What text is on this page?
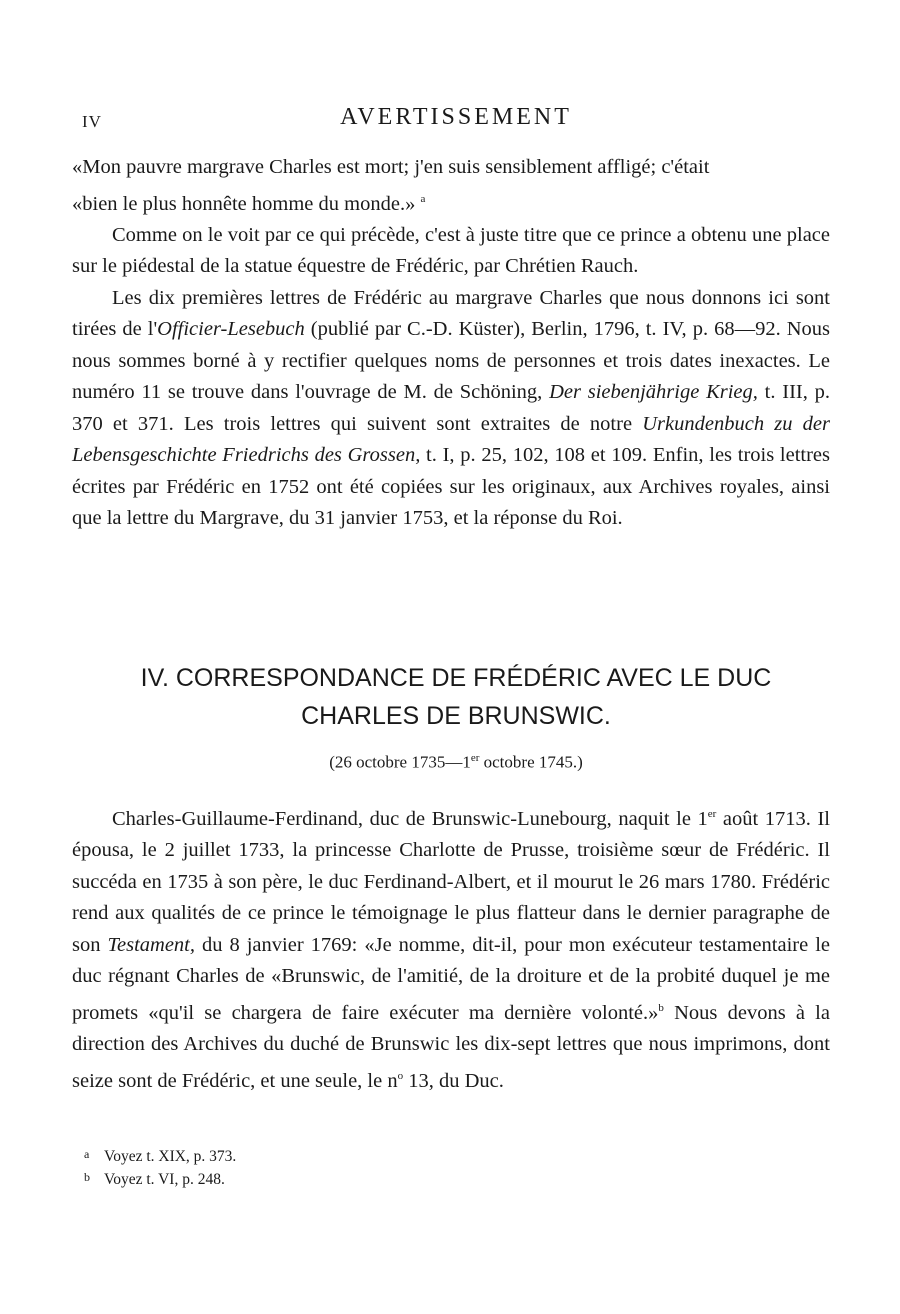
IV	AVERTISSEMENT

«Mon pauvre margrave Charles est mort; j'en suis sensiblement affligé; c'était

«bien le plus honnête homme du monde.» $^a$

Comme on le voit par ce qui précède, c'est à juste titre que ce prince a obtenu une place sur le piédestal de la statue équestre de Frédéric, par Chrétien Rauch.

Les dix premières lettres de Frédéric au margrave Charles que nous donnons ici sont tirées de l'Officier-Lesebuch (publié par C.-D. Küster), Berlin, 1796, t. IV, p. 68—92. Nous nous sommes borné à y rectifier quelques noms de personnes et trois dates inexactes. Le numéro 11 se trouve dans l'ouvrage de M. de Schöning, Der siebenjährige Krieg, t. III, p. 370 et 371. Les trois lettres qui suivent sont extraites de notre Urkundenbuch zu der Lebensgeschichte Friedrichs des Grossen, t. I, p. 25, 102, 108 et 109. Enfin, les trois lettres écrites par Frédéric en 1752 ont été copiées sur les originaux, aux Archives royales, ainsi que la lettre du Margrave, du 31 janvier 1753, et la réponse du Roi.

IV. CORRESPONDANCE DE FRÉDÉRIC AVEC LE DUC
CHARLES DE BRUNSWIC.
(26 octobre 1735—1er octobre 1745.)

Charles-Guillaume-Ferdinand, duc de Brunswic-Lunebourg, naquit le 1er août 1713. Il épousa, le 2 juillet 1733, la princesse Charlotte de Prusse, troisième sœur de Frédéric. Il succéda en 1735 à son père, le duc Ferdinand-Albert, et il mourut le 26 mars 1780. Frédéric rend aux qualités de ce prince le témoignage le plus flatteur dans le dernier paragraphe de son Testament, du 8 janvier 1769: «Je nomme, dit-il, pour mon exécuteur testamentaire le duc régnant Charles de «Brunswic, de l'amitié, de la droiture et de la probité duquel je me promets «qu'il se chargera de faire exécuter ma dernière volonté.»$^b$ Nous devons à la direction des Archives du duché de Brunswic les dix-sept lettres que nous imprimons, dont seize sont de Frédéric, et une seule, le $n^o$ 13, du Duc.

a Voyez t. XIX, p. 373.
b Voyez t. VI, p. 248.
